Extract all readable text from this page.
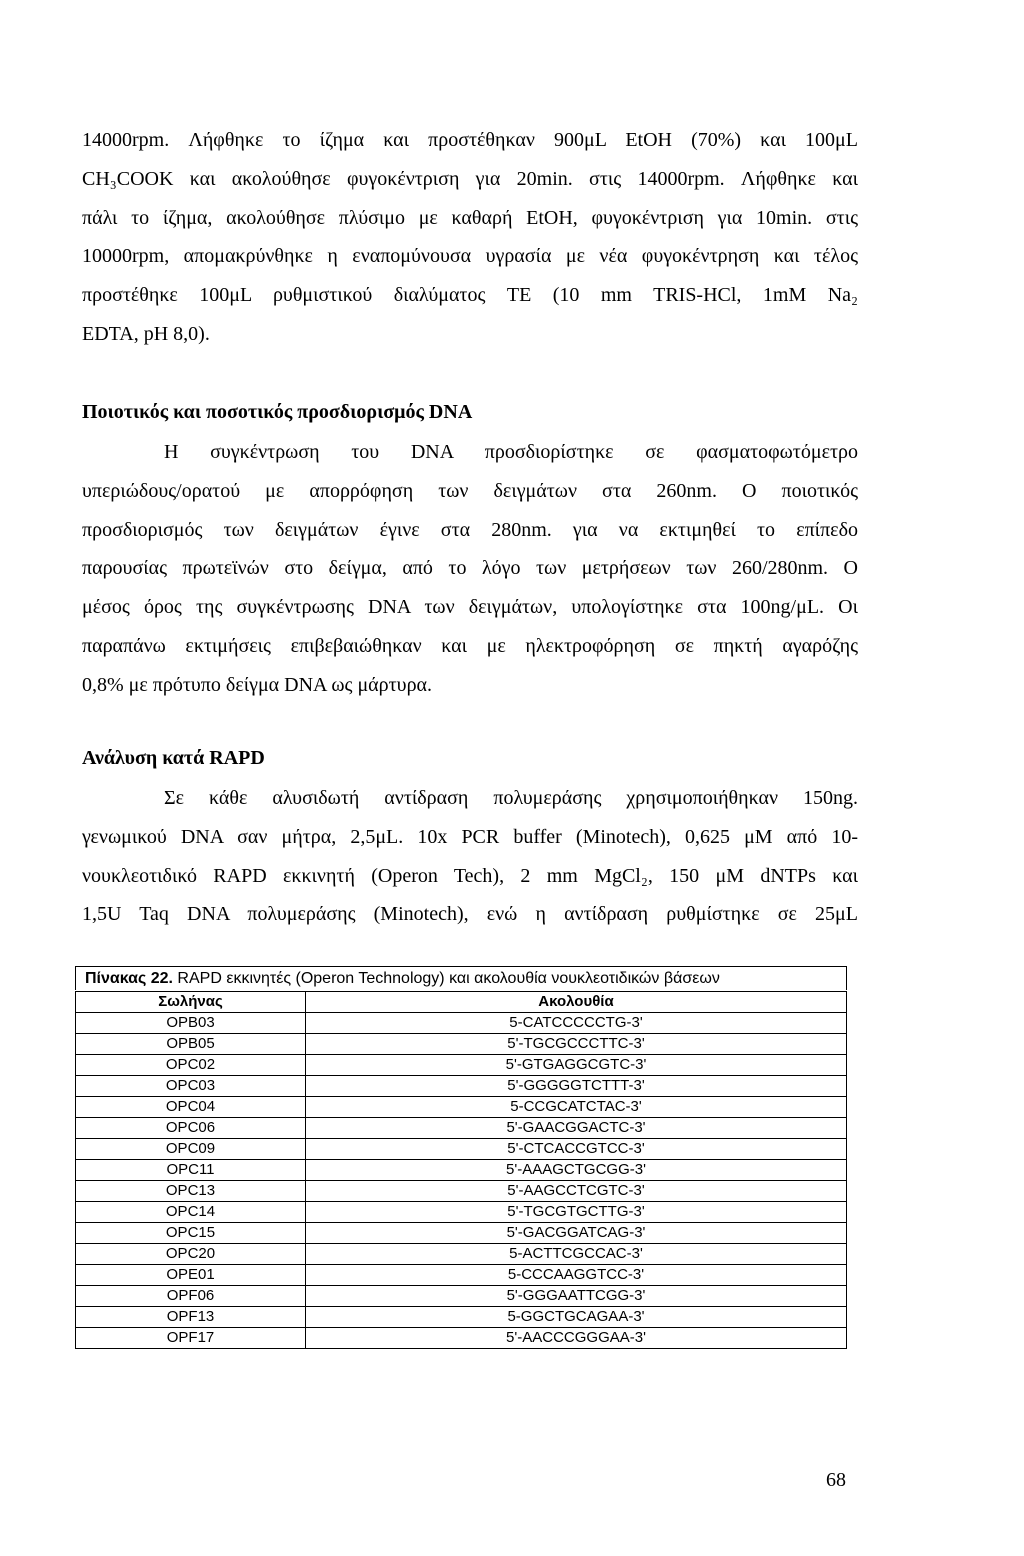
14000rpm. Λήφθηκε το ίζημα και προστέθηκαν 900μL EtOH (70%) και 100μL
CH₃COOK και ακολούθησε φυγοκέντριση για 20min. στις 14000rpm. Λήφθηκε και
πάλι το ίζημα, ακολούθησε πλύσιμο με καθαρή EtOH, φυγοκέντριση για 10min. στις
10000rpm, απομακρύνθηκε η εναπομύνουσα υγρασία με νέα φυγοκέντρηση και τέλος
προστέθηκε 100μL ρυθμιστικού διαλύματος TE (10 mm TRIS-HCl, 1mM Na₂
EDTA, pH 8,0).
Ποιοτικός και ποσοτικός προσδιορισμός DNA
Η συγκέντρωση του DNA προσδιορίστηκε σε φασματοφωτόμετρο
υπεριώδους/ορατού με απορρόφηση των δειγμάτων στα 260nm. Ο ποιοτικός
προσδιορισμός των δειγμάτων έγινε στα 280nm. για να εκτιμηθεί το επίπεδο
παρουσίας πρωτεϊνών στο δείγμα, από το λόγο των μετρήσεων των 260/280nm. Ο
μέσος όρος της συγκέντρωσης DNA των δειγμάτων, υπολογίστηκε στα 100ng/μL. Οι
παραπάνω εκτιμήσεις επιβεβαιώθηκαν και με ηλεκτροφόρηση σε πηκτή αγαρόζης
0,8% με πρότυπο δείγμα DNA ως μάρτυρα.
Ανάλυση κατά RAPD
Σε κάθε αλυσιδωτή αντίδραση πολυμεράσης χρησιμοποιήθηκαν 150ng.
γενωμικού DNA σαν μήτρα, 2,5μL. 10x PCR buffer (Minotech), 0,625 μM από 10-
νουκλεοτιδικό RAPD εκκινητή (Operon Tech), 2 mm MgCl₂, 150 μM dNTPs και
1,5U Taq DNA πολυμεράσης (Minotech), ενώ η αντίδραση ρυθμίστηκε σε 25μL
Πίνακας 22. RAPD εκκινητές (Operon Technology) και ακολουθία νουκλεοτιδικών βάσεων
Σωλήνας	Ακολουθία
OPB03	5-CATCCCCCTG-3'
OPB05	5'-TGCGCCCTTC-3'
OPC02	5'-GTGAGGCGTC-3'
OPC03	5'-GGGGGTCTTT-3'
OPC04	5-CCGCATCTAC-3'
OPC06	5'-GAACGGACTC-3'
OPC09	5'-CTCACCGTCC-3'
OPC11	5'-AAAGCTGCGG-3'
OPC13	5'-AAGCCTCGTC-3'
OPC14	5'-TGCGTGCTTG-3'
OPC15	5'-GACGGATCAG-3'
OPC20	5-ACTTCGCCAC-3'
OPE01	5-CCCAAGGTCC-3'
OPF06	5'-GGGAATTCGG-3'
OPF13	5-GGCTGCAGAA-3'
OPF17	5'-AACCCGGGAA-3'
68
